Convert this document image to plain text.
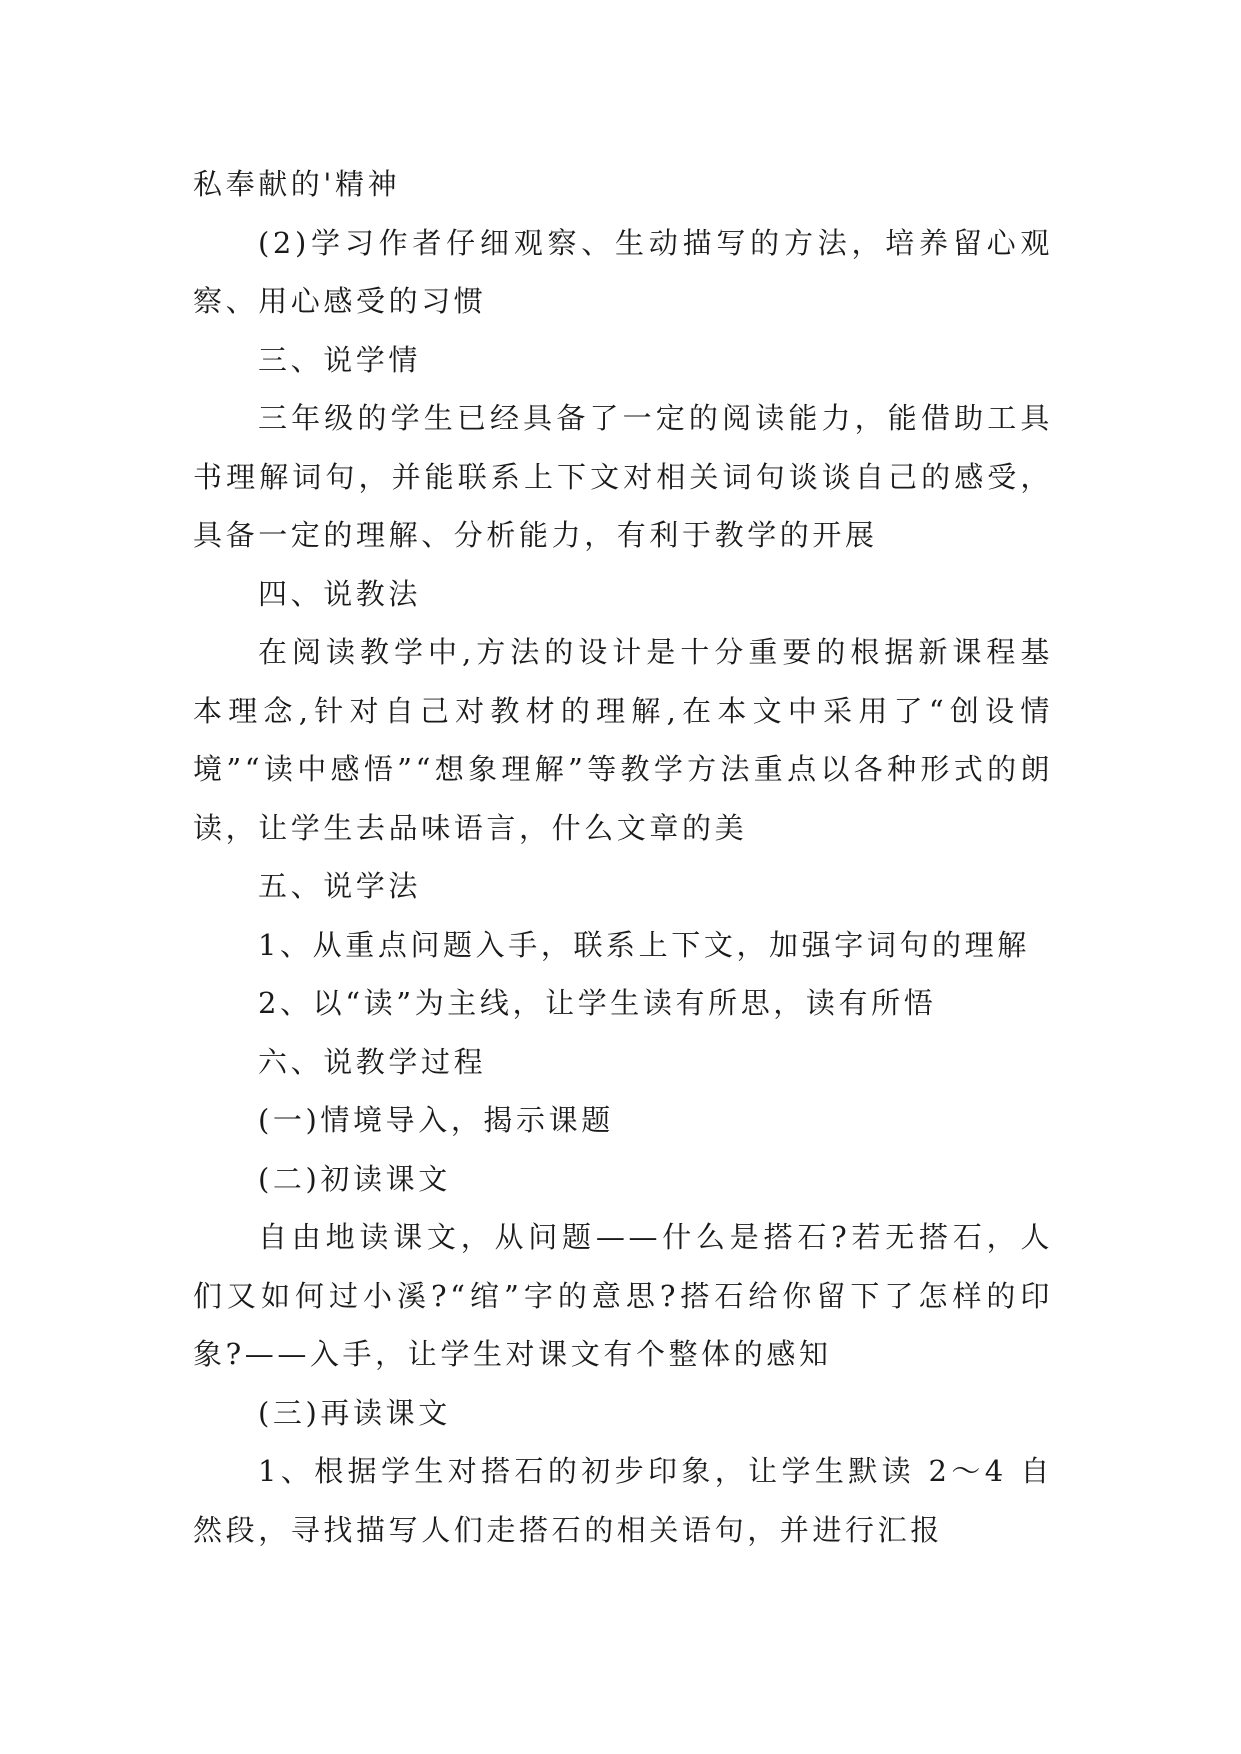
私奉献的'精神

(2)学习作者仔细观察、生动描写的方法，培养留心观察、用心感受的习惯

三、说学情

三年级的学生已经具备了一定的阅读能力，能借助工具书理解词句，并能联系上下文对相关词句谈谈自己的感受，具备一定的理解、分析能力，有利于教学的开展

四、说教法

在阅读教学中,方法的设计是十分重要的根据新课程基本理念,针对自己对教材的理解,在本文中采用了“创设情境”“读中感悟”“想象理解”等教学方法重点以各种形式的朗读，让学生去品味语言，什么文章的美

五、说学法

1、从重点问题入手，联系上下文，加强字词句的理解

2、以“读”为主线，让学生读有所思，读有所悟

六、说教学过程

(一)情境导入，揭示课题

(二)初读课文

自由地读课文，从问题——什么是搭石?若无搭石，人们又如何过小溪?“绾”字的意思?搭石给你留下了怎样的印象?——入手，让学生对课文有个整体的感知

(三)再读课文

1、根据学生对搭石的初步印象，让学生默读 2～4 自然段，寻找描写人们走搭石的相关语句，并进行汇报
